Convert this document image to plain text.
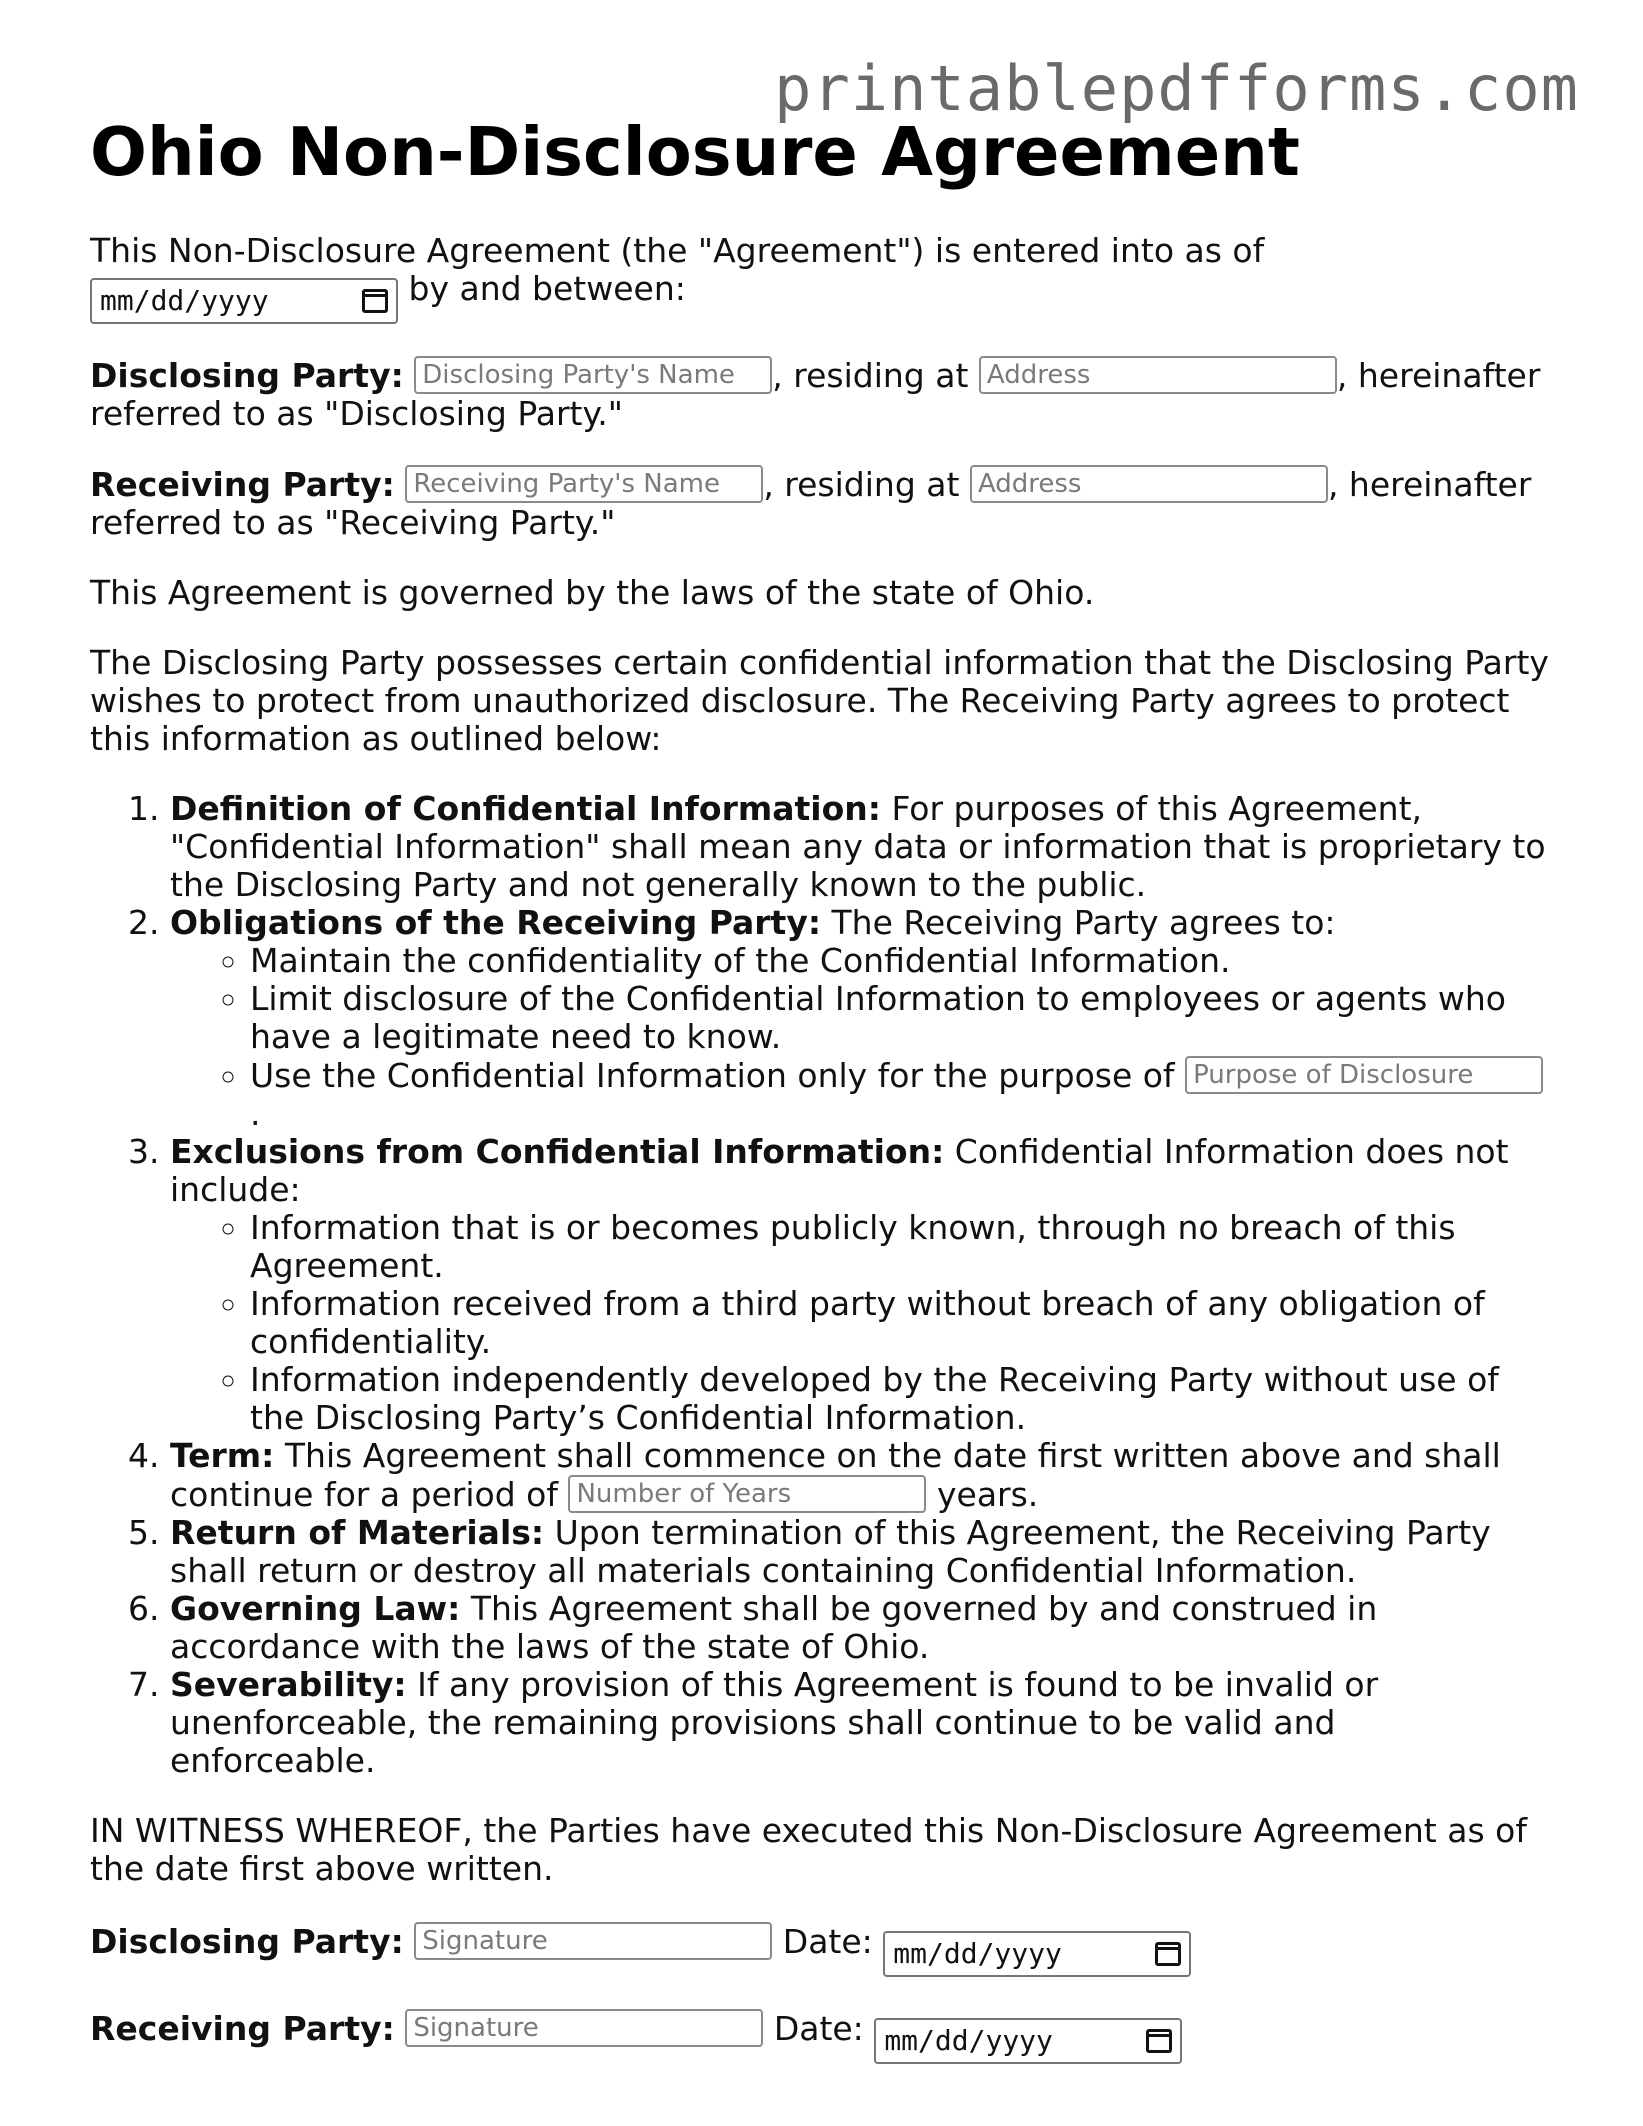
printablepdfforms.com
Ohio Non-Disclosure Agreement

This Non-Disclosure Agreement (the "Agreement") is entered into as of
mm/dd/yyyy	by and between:

Disclosing Party: Disclosing Party's Name , residing at Address	, hereinafter referred to as "Disclosing Party."

Receiving Party: Receiving Party's Name , residing at Address	, hereinafter referred to as "Receiving Party."

This Agreement is governed by the laws of the state of Ohio.

The Disclosing Party possesses certain confidential information that the Disclosing Party wishes to protect from unauthorized disclosure. The Receiving Party agrees to protect this information as outlined below:

1. Definition of Confidential Information: For purposes of this Agreement, "Confidential Information" shall mean any data or information that is proprietary to the Disclosing Party and not generally known to the public.
2. Obligations of the Receiving Party: The Receiving Party agrees to:
◦ Maintain the confidentiality of the Confidential Information.
◦ Limit disclosure of the Confidential Information to employees or agents who have a legitimate need to know.
◦ Use the Confidential Information only for the purpose of Purpose of Disclosure.
3. Exclusions from Confidential Information: Confidential Information does not include:
◦ Information that is or becomes publicly known, through no breach of this Agreement.
◦ Information received from a third party without breach of any obligation of confidentiality.
◦ Information independently developed by the Receiving Party without use of the Disclosing Party’s Confidential Information.
4. Term: This Agreement shall commence on the date first written above and shall continue for a period of Number of Years	years.
5. Return of Materials: Upon termination of this Agreement, the Receiving Party shall return or destroy all materials containing Confidential Information.
6. Governing Law: This Agreement shall be governed by and construed in accordance with the laws of the state of Ohio.
7. Severability: If any provision of this Agreement is found to be invalid or unenforceable, the remaining provisions shall continue to be valid and enforceable.

IN WITNESS WHEREOF, the Parties have executed this Non-Disclosure Agreement as of the date first above written.

Disclosing Party: Signature	Date: mm/dd/yyyy
Receiving Party: Signature	Date: mm/dd/yyyy
